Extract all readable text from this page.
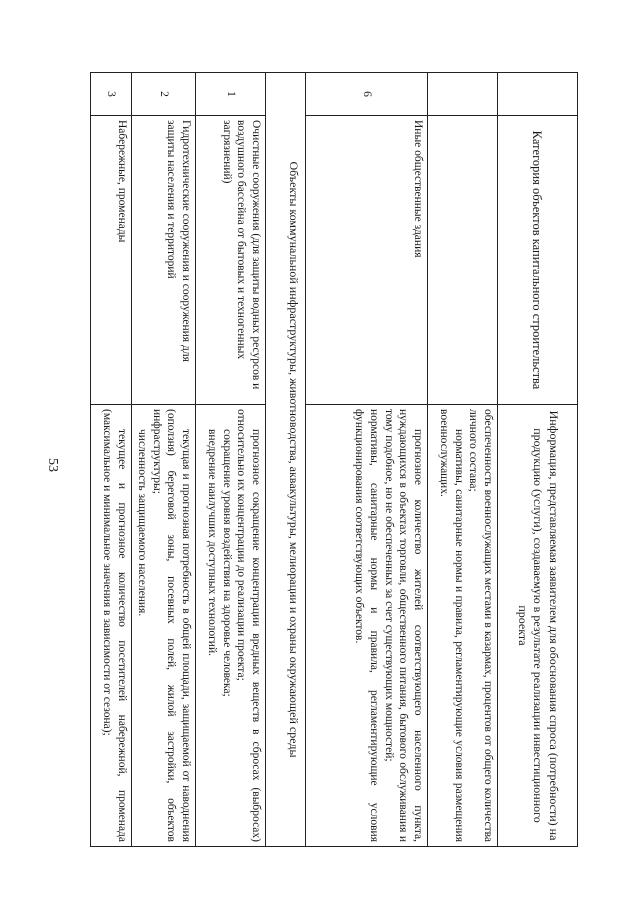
53
	Категория объектов капитального строительства	Информация, представляемая заявителем для обоснования спроса (потребности) на продукцию (услуги), создаваемую в результате реализации инвестиционного проекта

		обеспеченность военнослужащих местами в казармах, процентов от общего количества личного состава;

нормативы, санитарные нормы и правила, регламентирующие условия размещения военнослужащих.

6	Иные общественные здания	прогнозное количество жителей соответствующего населенного пункта, нуждающихся в объектах торговли, общественного питания, бытового обслуживания и тому подобное, но не обеспеченных за счет существующих мощностей;

нормативы, санитарные нормы и правила, регламентирующие условия функционирования соответствующих объектов.

Объекты коммунальной инфраструктуры, животноводства, аквакультуры, мелиорации и охраны окружающей среды		
1	Очистные сооружения (для защиты водных ресурсов и воздушного бассейна от бытовых и техногенных загрязнений)	прогнозное сокращение концентрации вредных веществ в сбросах (выбросах) относительно их концентрации до реализации проекта;

сокращение уровня воздействия на здоровье человека;

внедрение наилучших доступных технологий.

2	Гидротехнические сооружения и сооружения для защиты населения и территорий	текущая и прогнозная потребность в общей площади, защищаемой от наводнения (оползня) береговой зоны, посевных полей, жилой застройки, объектов инфраструктуры;

численность защищаемого населения.

3	Набережные, променады	текущее и прогнозное количество посетителей набережной, променада (максимальное и минимальное значения в зависимости от сезона);
